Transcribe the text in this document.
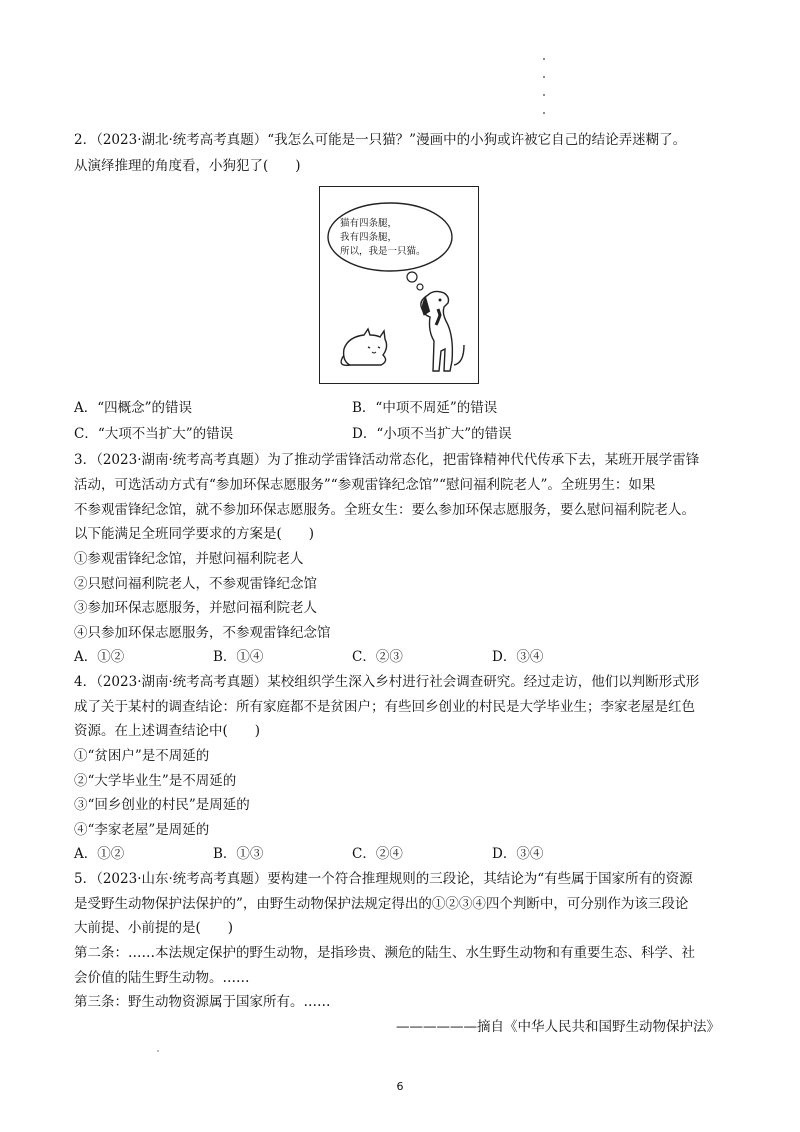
2．（2023·湖北·统考高考真题）“我怎么可能是一只猫？”漫画中的小狗或许被它自己的结论弄迷糊了。
从演绎推理的角度看，小狗犯了(　　)
猫有四条腿，
我有四条腿，
所以，我是一只猫。
A．“四概念”的错误	B．“中项不周延”的错误
C．“大项不当扩大”的错误	D．“小项不当扩大”的错误
3．（2023·湖南·统考高考真题）为了推动学雷锋活动常态化，把雷锋精神代代传承下去，某班开展学雷锋
活动，可选活动方式有“参加环保志愿服务”“参观雷锋纪念馆”“慰问福利院老人”。全班男生：如果
不参观雷锋纪念馆，就不参加环保志愿服务。全班女生：要么参加环保志愿服务，要么慰问福利院老人。
以下能满足全班同学要求的方案是(　　)
①参观雷锋纪念馆，并慰问福利院老人
②只慰问福利院老人，不参观雷锋纪念馆
③参加环保志愿服务，并慰问福利院老人
④只参加环保志愿服务，不参观雷锋纪念馆
A．①②	B．①④	C．②③	D．③④
4．（2023·湖南·统考高考真题）某校组织学生深入乡村进行社会调查研究。经过走访，他们以判断形式形
成了关于某村的调查结论：所有家庭都不是贫困户；有些回乡创业的村民是大学毕业生；李家老屋是红色
资源。在上述调查结论中(　　)
①“贫困户”是不周延的
②“大学毕业生”是不周延的
③“回乡创业的村民”是周延的
④“李家老屋”是周延的
A．①②	B．①③	C．②④	D．③④
5．（2023·山东·统考高考真题）要构建一个符合推理规则的三段论，其结论为“有些属于国家所有的资源
是受野生动物保护法保护的”，由野生动物保护法规定得出的①②③④四个判断中，可分别作为该三段论
大前提、小前提的是(　　)
第二条：……本法规定保护的野生动物，是指珍贵、濒危的陆生、水生野生动物和有重要生态、科学、社
会价值的陆生野生动物。……
第三条：野生动物资源属于国家所有。……
——————摘自《中华人民共和国野生动物保护法》
6
